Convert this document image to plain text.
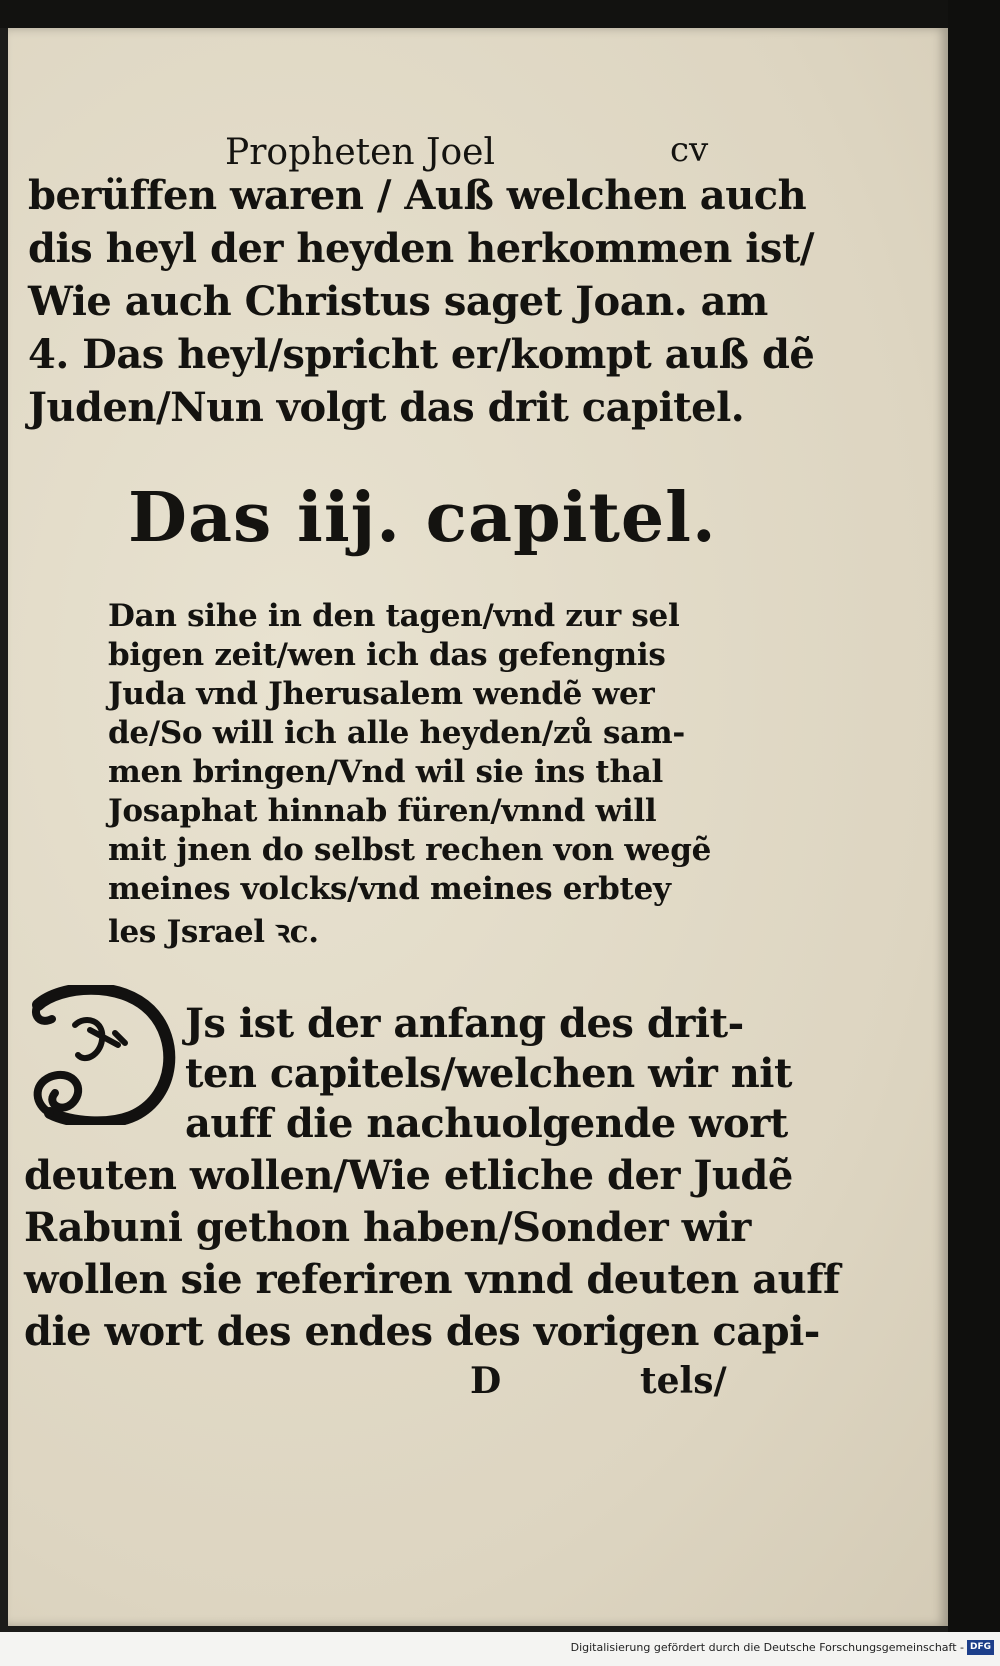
Propheten Joel	cv
berüffen waren / Auß welchen auch
dis heyl der heyden herkommen ist/
Wie auch Christus saget Joan. am
4. Das heyl/spricht er/kompt auß dẽ
Juden/Nun volgt das drit capitel.
Das iij. capitel.
Dan sihe in den tagen/vnd zur sel
bigen zeit/wen ich das gefengnis
Juda vnd Jherusalem wendẽ wer
de/So will ich alle heyden/zů sam-
men bringen/Vnd wil sie ins thal
Josaphat hinnab füren/vnnd will
mit jnen do selbst rechen von wegẽ
meines volcks/vnd meines erbtey
les Jsrael ꝛc.
Js ist der anfang des drit-
ten capitels/welchen wir nit
auff die nachuolgende wort
deuten wollen/Wie etliche der Judẽ
Rabuni gethon haben/Sonder wir
wollen sie referiren vnnd deuten auff
die wort des endes des vorigen capi-
D	tels/
Digitalisierung gefördert durch die Deutsche Forschungsgemeinschaft - DFG
